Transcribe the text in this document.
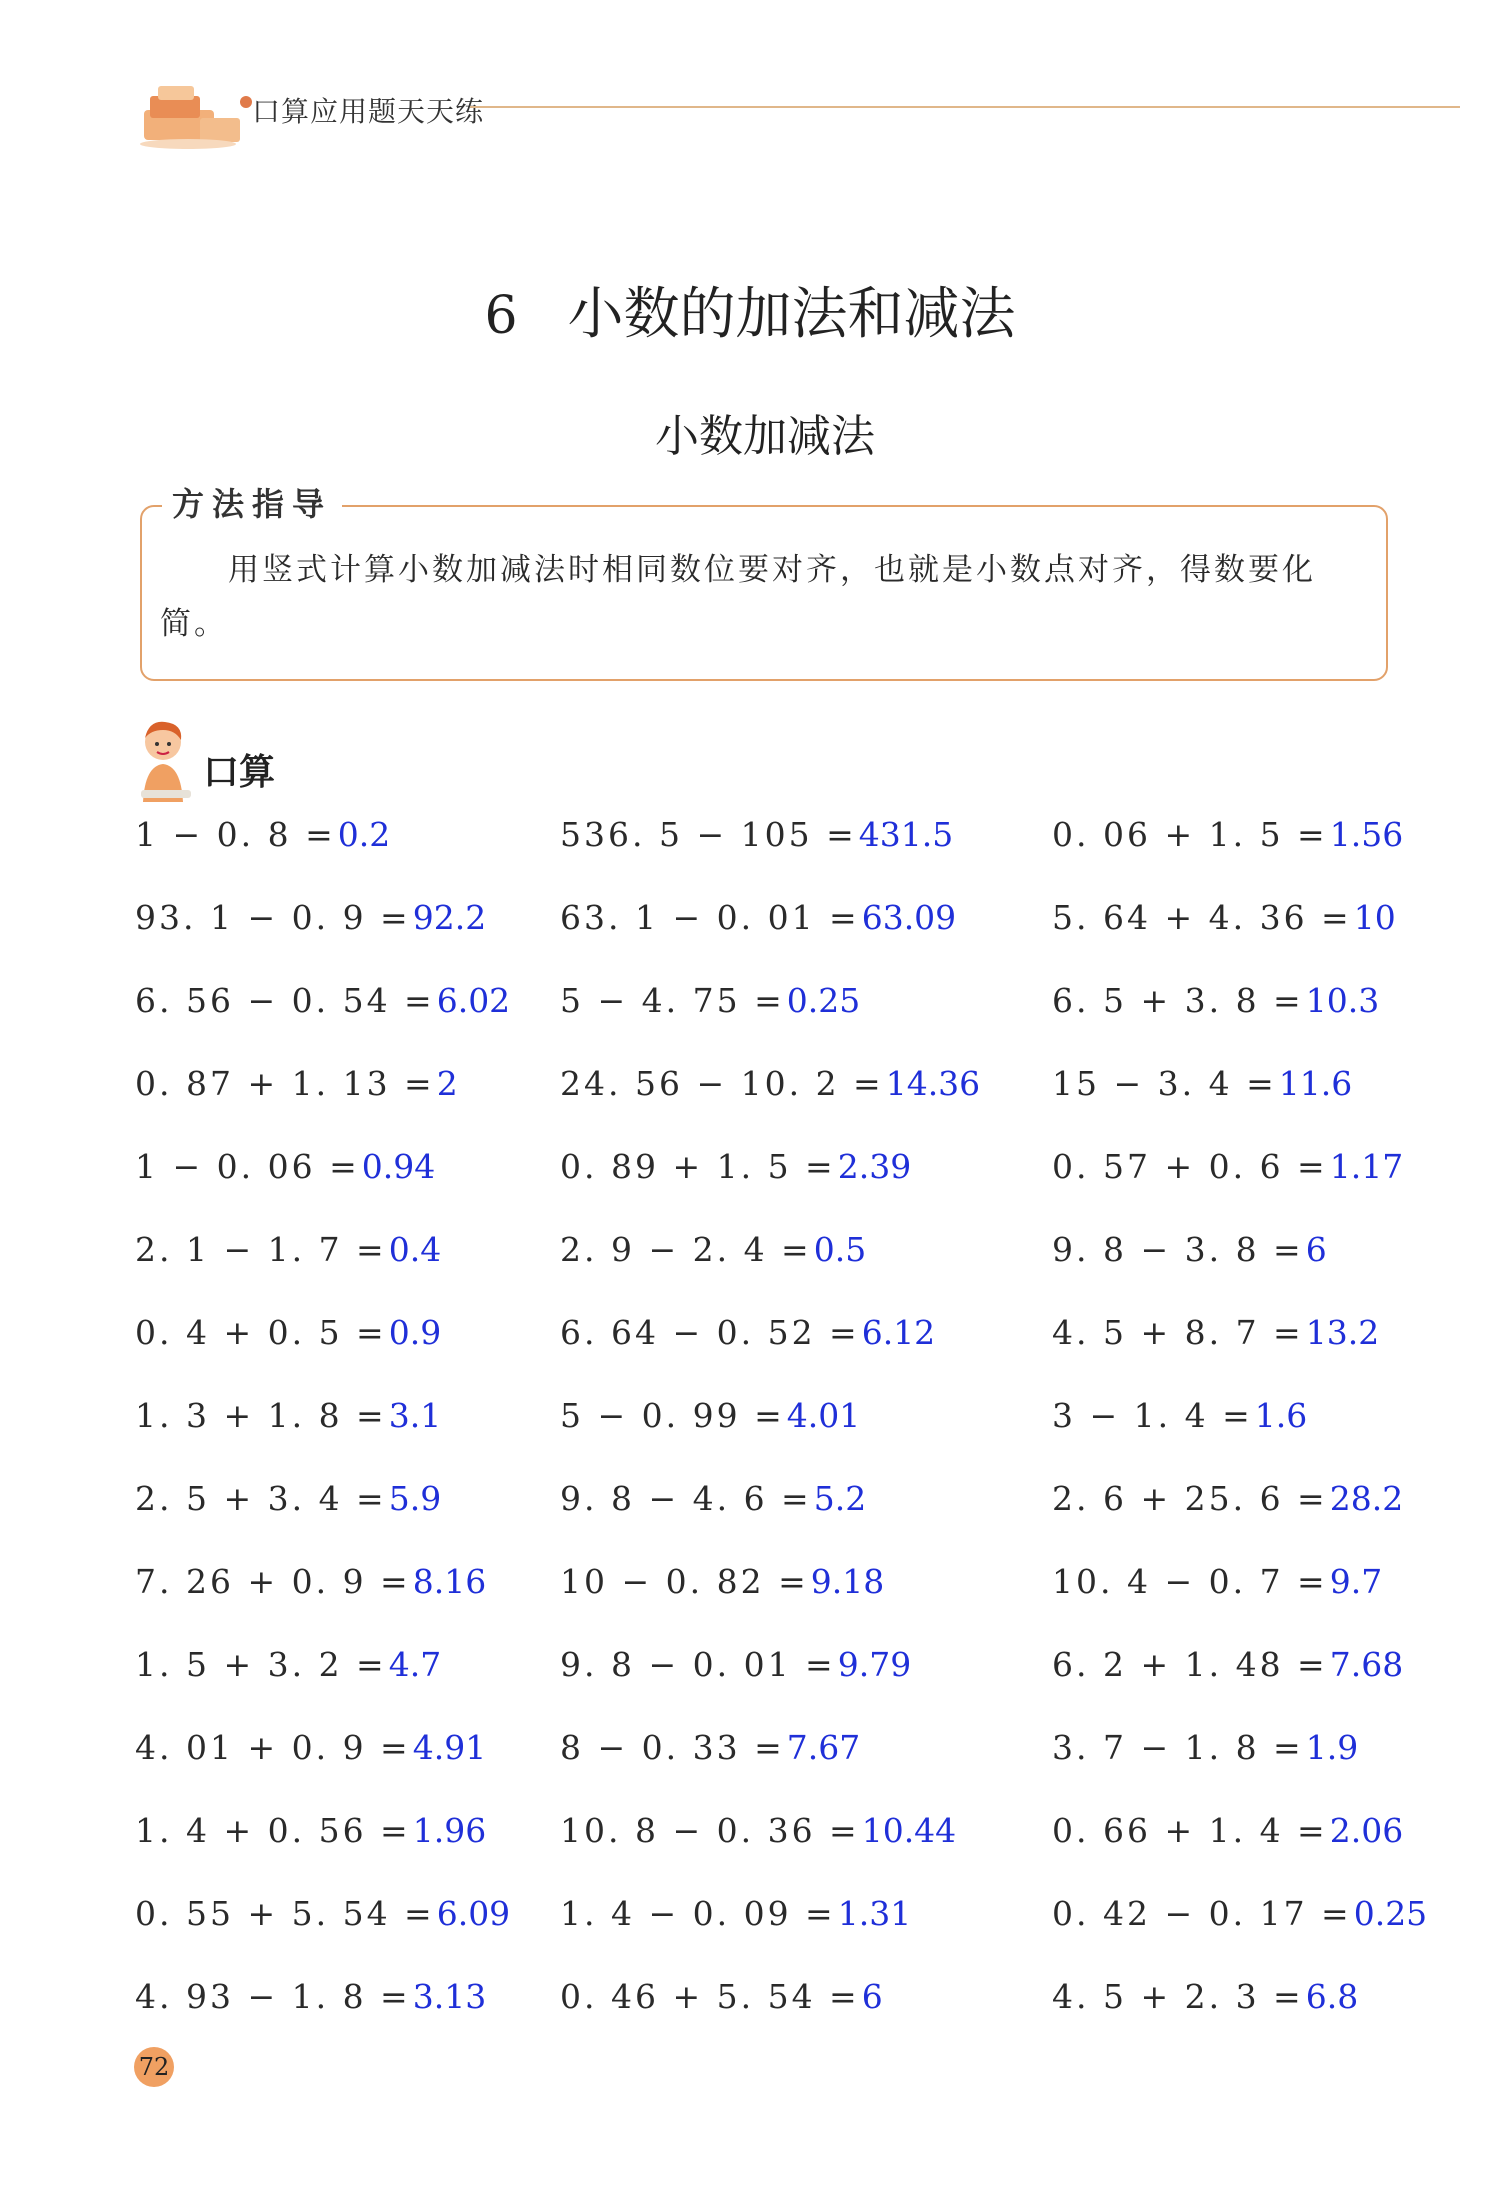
口算应用题天天练
6 小数的加法和减法
小数加减法
方法指导
用竖式计算小数加减法时相同数位要对齐，也就是小数点对齐，得数要化简。
口算
1 − 0. 8 =0.2
93. 1 − 0. 9 =92.2
6. 56 − 0. 54 =6.02
0. 87 + 1. 13 =2
1 − 0. 06 =0.94
2. 1 − 1. 7 =0.4
0. 4 + 0. 5 =0.9
1. 3 + 1. 8 =3.1
2. 5 + 3. 4 =5.9
7. 26 + 0. 9 =8.16
1. 5 + 3. 2 =4.7
4. 01 + 0. 9 =4.91
1. 4 + 0. 56 =1.96
0. 55 + 5. 54 =6.09
4. 93 − 1. 8 =3.13
536. 5 − 105 =431.5
63. 1 − 0. 01 =63.09
5 − 4. 75 =0.25
24. 56 − 10. 2 =14.36
0. 89 + 1. 5 =2.39
2. 9 − 2. 4 =0.5
6. 64 − 0. 52 =6.12
5 − 0. 99 =4.01
9. 8 − 4. 6 =5.2
10 − 0. 82 =9.18
9. 8 − 0. 01 =9.79
8 − 0. 33 =7.67
10. 8 − 0. 36 =10.44
1. 4 − 0. 09 =1.31
0. 46 + 5. 54 =6
0. 06 + 1. 5 =1.56
5. 64 + 4. 36 =10
6. 5 + 3. 8 =10.3
15 − 3. 4 =11.6
0. 57 + 0. 6 =1.17
9. 8 − 3. 8 =6
4. 5 + 8. 7 =13.2
3 − 1. 4 =1.6
2. 6 + 25. 6 =28.2
10. 4 − 0. 7 =9.7
6. 2 + 1. 48 =7.68
3. 7 − 1. 8 =1.9
0. 66 + 1. 4 =2.06
0. 42 − 0. 17 =0.25
4. 5 + 2. 3 =6.8
72
